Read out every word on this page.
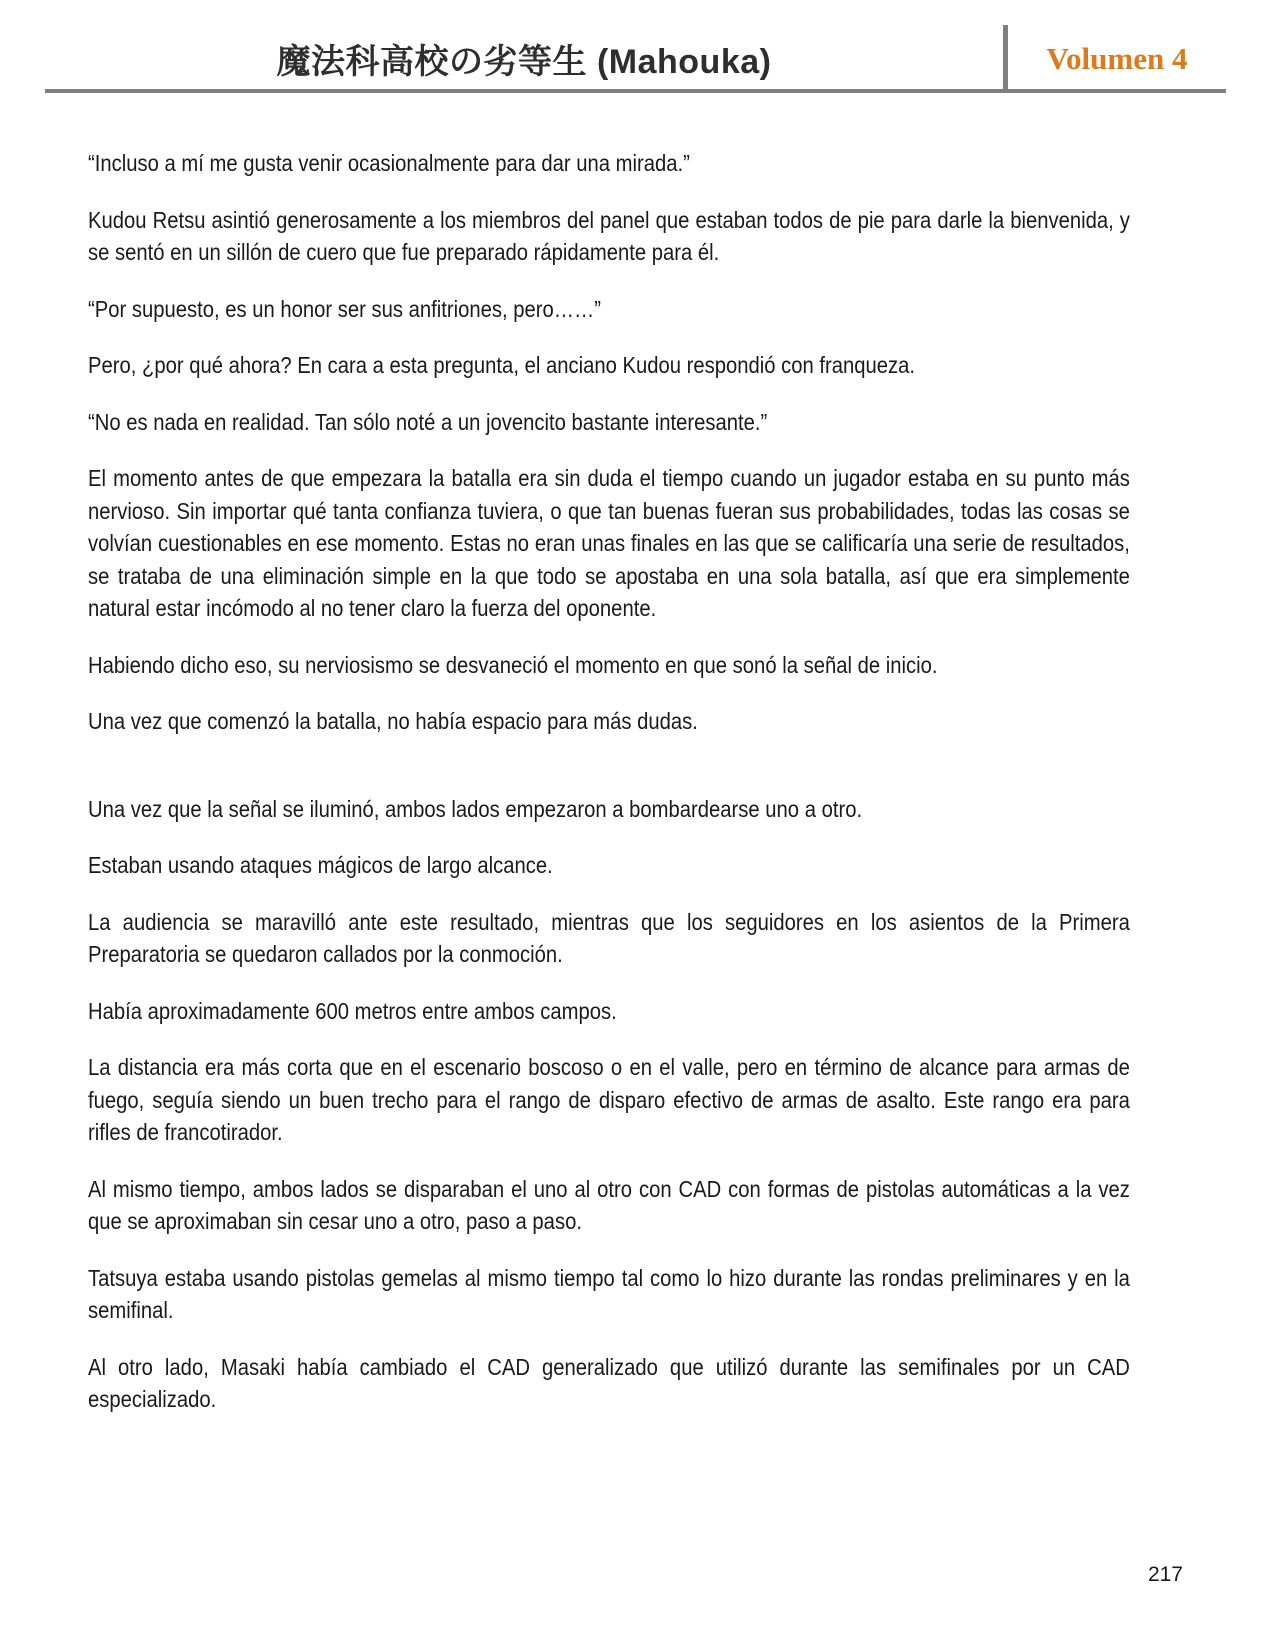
魔法科高校の劣等生 (Mahouka)	Volumen 4

“Incluso a mí me gusta venir ocasionalmente para dar una mirada.”

Kudou Retsu asintió generosamente a los miembros del panel que estaban todos de pie para darle la bienvenida, y se sentó en un sillón de cuero que fue preparado rápidamente para él.

“Por supuesto, es un honor ser sus anfitriones, pero……”

Pero, ¿por qué ahora? En cara a esta pregunta, el anciano Kudou respondió con franqueza.

“No es nada en realidad. Tan sólo noté a un jovencito bastante interesante.”

El momento antes de que empezara la batalla era sin duda el tiempo cuando un jugador estaba en su punto más nervioso. Sin importar qué tanta confianza tuviera, o que tan buenas fueran sus probabilidades, todas las cosas se volvían cuestionables en ese momento. Estas no eran unas finales en las que se calificaría una serie de resultados, se trataba de una eliminación simple en la que todo se apostaba en una sola batalla, así que era simplemente natural estar incómodo al no tener claro la fuerza del oponente.

Habiendo dicho eso, su nerviosismo se desvaneció el momento en que sonó la señal de inicio.

Una vez que comenzó la batalla, no había espacio para más dudas.

Una vez que la señal se iluminó, ambos lados empezaron a bombardearse uno a otro.

Estaban usando ataques mágicos de largo alcance.

La audiencia se maravilló ante este resultado, mientras que los seguidores en los asientos de la Primera Preparatoria se quedaron callados por la conmoción.

Había aproximadamente 600 metros entre ambos campos.

La distancia era más corta que en el escenario boscoso o en el valle, pero en término de alcance para armas de fuego, seguía siendo un buen trecho para el rango de disparo efectivo de armas de asalto. Este rango era para rifles de francotirador.

Al mismo tiempo, ambos lados se disparaban el uno al otro con CAD con formas de pistolas automáticas a la vez que se aproximaban sin cesar uno a otro, paso a paso.

Tatsuya estaba usando pistolas gemelas al mismo tiempo tal como lo hizo durante las rondas preliminares y en la semifinal.

Al otro lado, Masaki había cambiado el CAD generalizado que utilizó durante las semifinales por un CAD especializado.

217
